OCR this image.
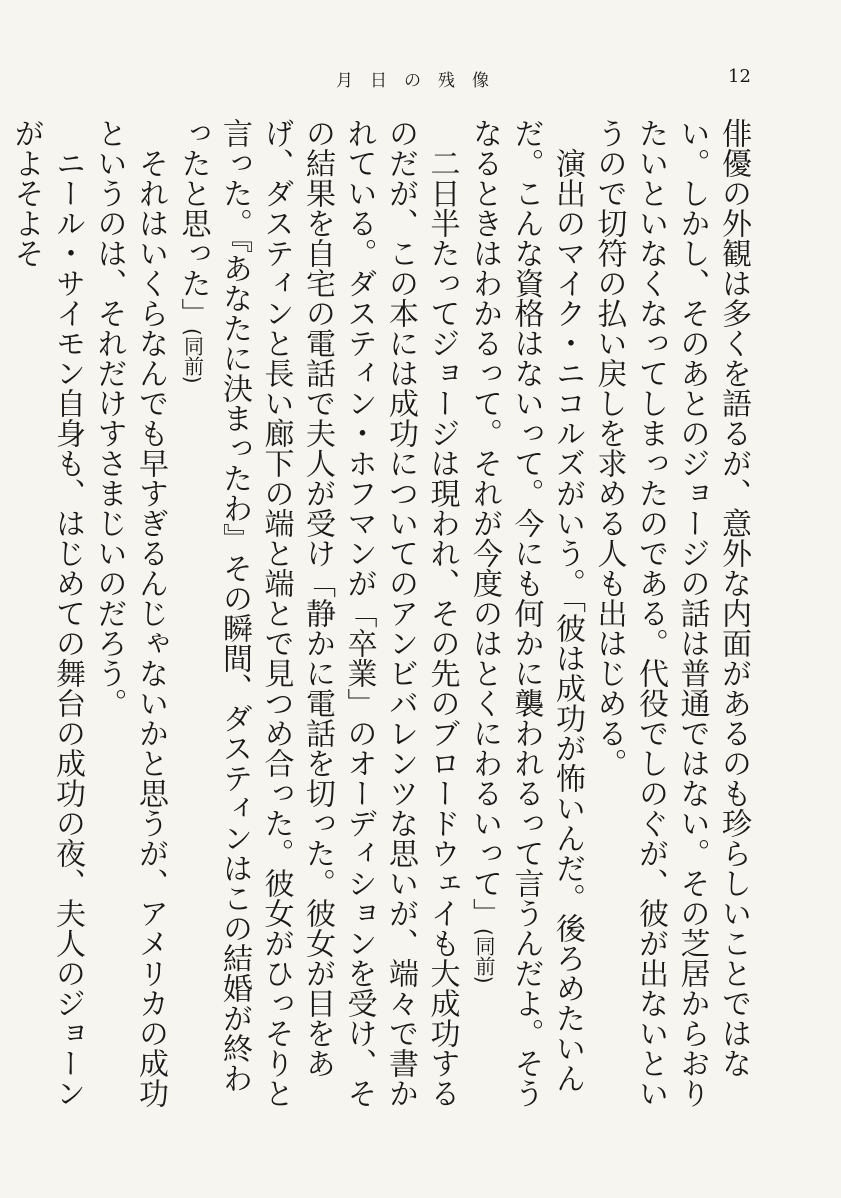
月日の残像	12

俳優の外観は多くを語るが、意外な内面があるのも珍らしいことではない。しかし、そのあとのジョージの話は普通ではない。その芝居からおりたいといなくなってしまったのである。代役でしのぐが、彼が出ないというので切符の払い戻しを求める人も出はじめる。

　演出のマイク・ニコルズがいう。「彼は成功が怖いんだ。後ろめたいんだ。こんな資格はないって。今にも何かに襲われるって言うんだよ。そうなるときはわかるって。それが今度のはとくにわるいって」(同前)

　二日半たってジョージは現われ、その先のブロードウェイも大成功するのだが、この本には成功についてのアンビバレンツな思いが、端々で書かれている。ダスティン・ホフマンが「卒業」のオーディションを受け、その結果を自宅の電話で夫人が受け「静かに電話を切った。彼女が目をあげ、ダスティンと長い廊下の端と端とで見つめ合った。彼女がひっそりと言った。『あなたに決まったわ』その瞬間、ダスティンはこの結婚が終わったと思った」(同前)

　それはいくらなんでも早すぎるんじゃないかと思うが、アメリカの成功というのは、それだけすさまじいのだろう。

　ニール・サイモン自身も、はじめての舞台の成功の夜、夫人のジョーンがよそよそ
